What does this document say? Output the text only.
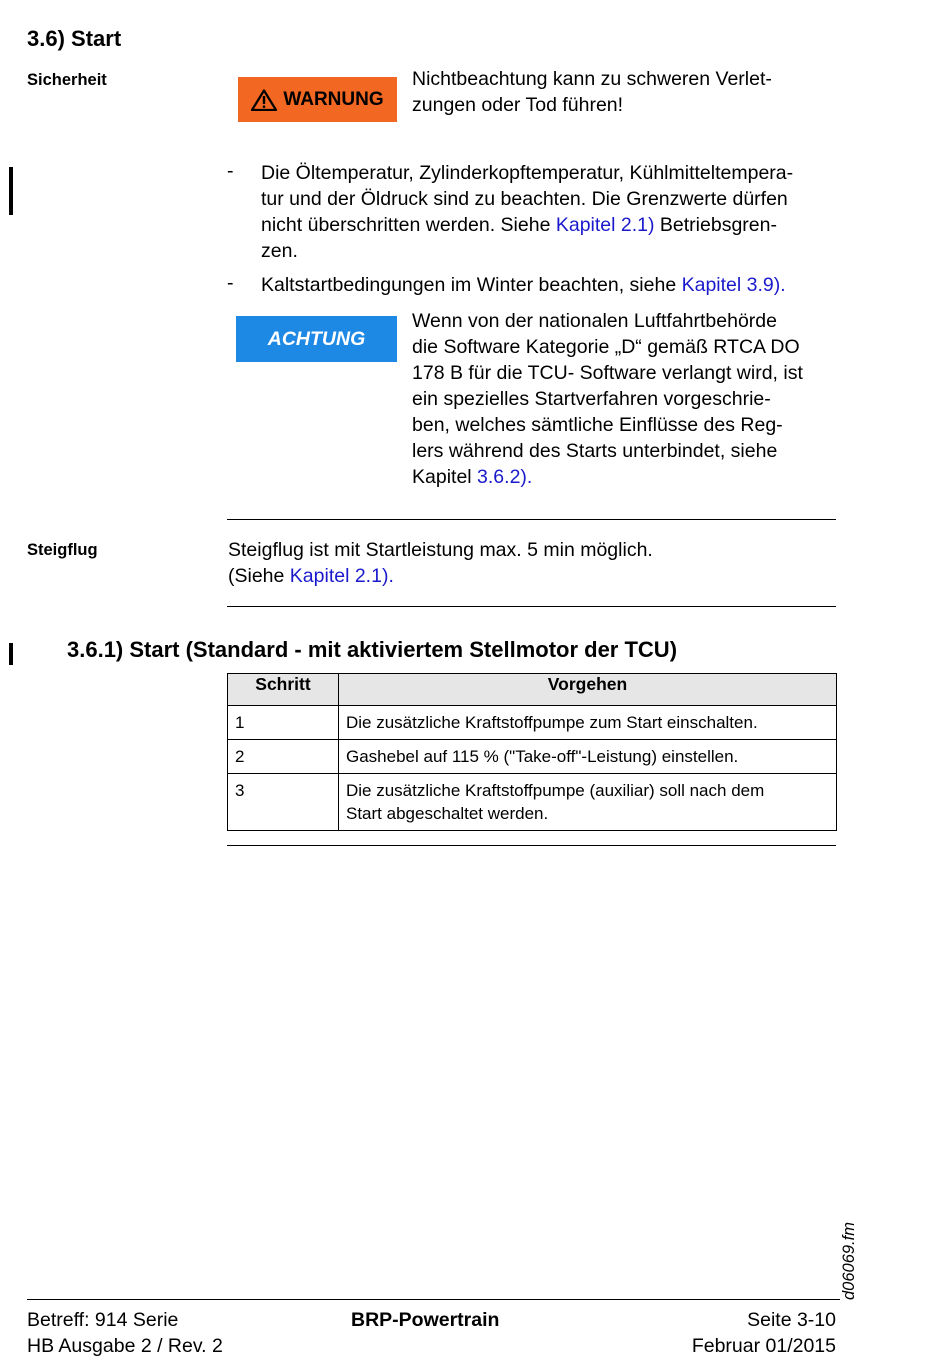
3.6) Start
Sicherheit
WARNUNG
Nichtbeachtung kann zu schweren Verlet-
zungen oder Tod führen!
- Die Öltemperatur, Zylinderkopftemperatur, Kühlmitteltempera-
tur und der Öldruck sind zu beachten. Die Grenzwerte dürfen
nicht überschritten werden. Siehe Kapitel 2.1) Betriebsgren-
zen.
- Kaltstartbedingungen im Winter beachten, siehe Kapitel 3.9).
ACHTUNG
Wenn von der nationalen Luftfahrtbehörde
die Software Kategorie „D“ gemäß RTCA DO
178 B für die TCU- Software verlangt wird, ist
ein spezielles Startverfahren vorgeschrie-
ben, welches sämtliche Einflüsse des Reg-
lers während des Starts unterbindet, siehe
Kapitel 3.6.2).
Steigflug	Steigflug ist mit Startleistung max. 5 min möglich.
(Siehe Kapitel 2.1).
3.6.1) Start (Standard - mit aktiviertem Stellmotor der TCU)
Schritt	Vorgehen
1	Die zusätzliche Kraftstoffpumpe zum Start einschalten.

2	Gashebel auf 115 % ("Take-off"-Leistung) einstellen.

3	Die zusätzliche Kraftstoffpumpe (auxiliar) soll nach dem
Start abgeschaltet werden.
d06069.fm
Betreff: 914 Serie
HB Ausgabe 2 / Rev. 2
BRP-Powertrain	Seite 3-10
Februar 01/2015
